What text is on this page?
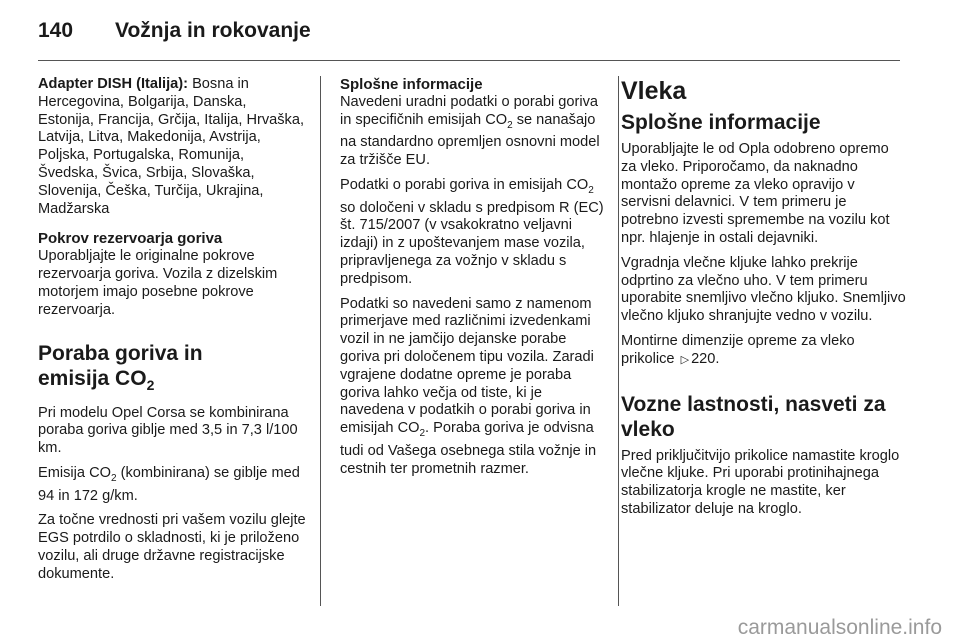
140	Vožnja in rokovanje
Adapter DISH (Italija): Bosna in Hercegovina, Bolgarija, Danska, Estonija, Francija, Grčija, Italija, Hrvaška, Latvija, Litva, Makedonija, Avstrija, Poljska, Portugalska, Romunija, Švedska, Švica, Srbija, Slovaška, Slovenija, Češka, Turčija, Ukrajina, Madžarska
Pokrov rezervoarja goriva

Uporabljajte le originalne pokrove rezervoarja goriva. Vozila z dizelskim motorjem imajo posebne pokrove rezervoarja.

Poraba goriva in
emisija $CO_2$

Pri modelu Opel Corsa se kombinirana poraba goriva giblje med 3,5 in 7,3 l/100 km.

Emisija $CO_2$ (kombinirana) se giblje med 94 in 172 g/km.

Za točne vrednosti pri vašem vozilu glejte EGS potrdilo o skladnosti, ki je priloženo vozilu, ali druge državne registracijske dokumente.

Splošne informacije

Navedeni uradni podatki o porabi goriva in specifičnih emisijah $CO_2$ se nanašajo na standardno opremljen osnovni model za tržišče EU.

Podatki o porabi goriva in emisijah $CO_2$ so določeni v skladu s predpisom R (EC) št. 715/2007 (v vsakokratno veljavni izdaji) in z upoštevanjem mase vozila, pripravljenega za vožnjo v skladu s predpisom.

Podatki so navedeni samo z namenom primerjave med različnimi izvedenkami vozil in ne jamčijo dejanske porabe goriva pri določenem tipu vozila. Zaradi vgrajene dodatne opreme je poraba goriva lahko večja od tiste, ki je navedena v podatkih o porabi goriva in emisijah $CO_2$. Poraba goriva je odvisna tudi od Vašega osebnega stila vožnje in cestnih ter prometnih razmer.

Vleka
Splošne informacije

Uporabljajte le od Opla odobreno opremo za vleko. Priporočamo, da naknadno montažo opreme za vleko opravijo v servisni delavnici. V tem primeru je potrebno izvesti spremembe na vozilu kot npr. hlajenje in ostali dejavniki.

Vgradnja vlečne kljuke lahko prekrije odprtino za vlečno uho. V tem primeru uporabite snemljivo vlečno kljuko. Snemljivo vlečno kljuko shranjujte vedno v vozilu.

Montirne dimenzije opreme za vleko prikolice ▷ 220.

Vozne lastnosti, nasveti za vleko

Pred priključitvijo prikolice namastite kroglo vlečne kljuke. Pri uporabi protinihajnega stabilizatorja krogle ne mastite, ker stabilizator deluje na kroglo.

carmanualsonline.info
